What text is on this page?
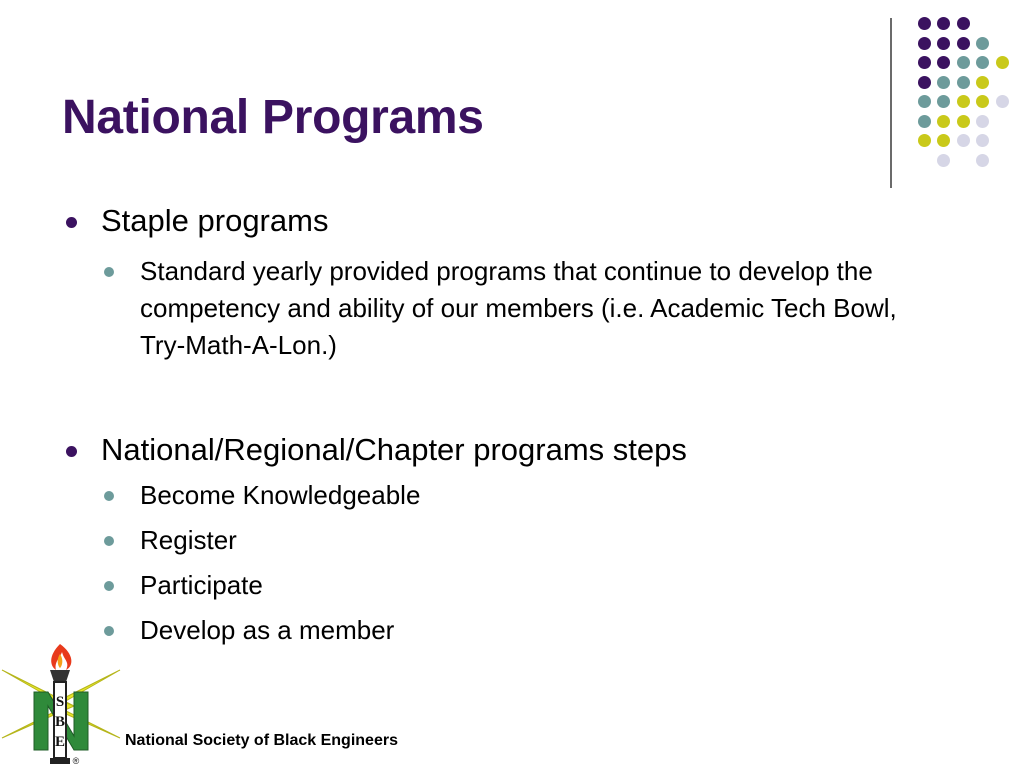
National Programs
Staple programs
Standard yearly provided programs that continue to develop the competency and ability of our members (i.e. Academic Tech Bowl, Try-Math-A-Lon.)
National/Regional/Chapter programs steps
Become Knowledgeable
Register
Participate
Develop as a member
S
B
E
®
National Society of Black Engineers
